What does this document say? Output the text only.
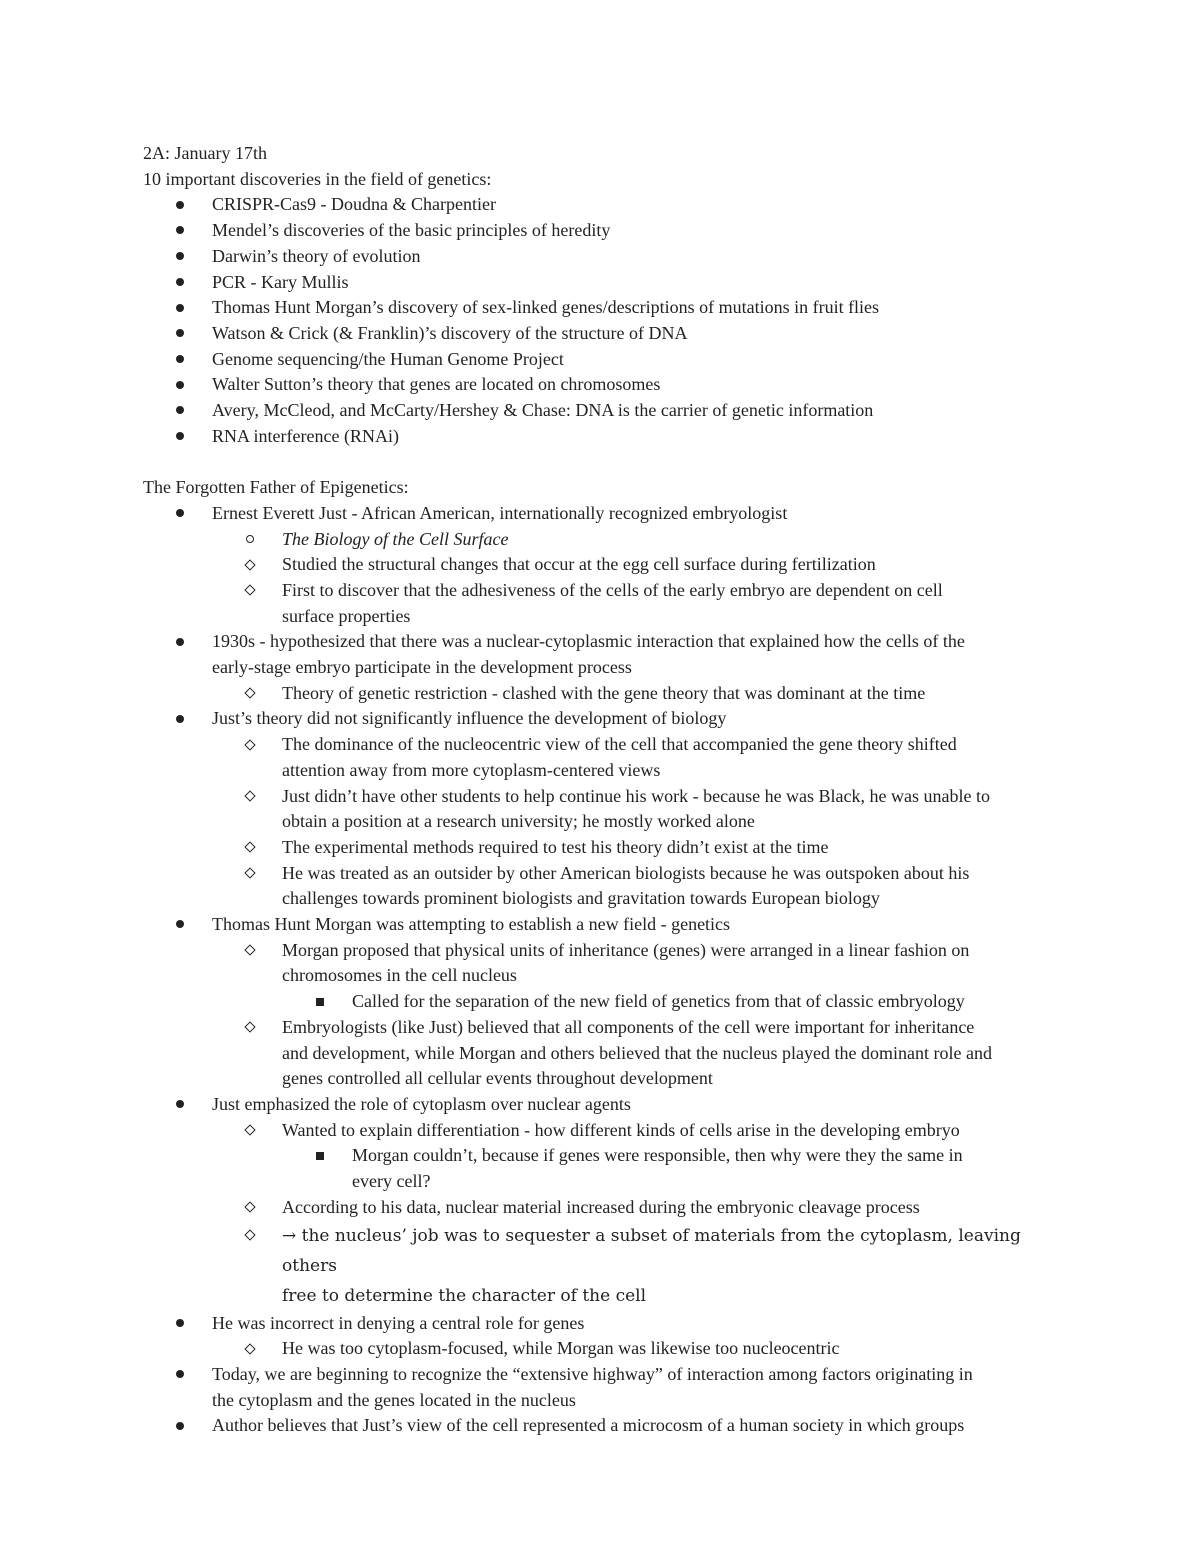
2A: January 17th
10 important discoveries in the field of genetics:
CRISPR-Cas9 - Doudna & Charpentier
Mendel’s discoveries of the basic principles of heredity
Darwin’s theory of evolution
PCR - Kary Mullis
Thomas Hunt Morgan’s discovery of sex-linked genes/descriptions of mutations in fruit flies
Watson & Crick (& Franklin)’s discovery of the structure of DNA
Genome sequencing/the Human Genome Project
Walter Sutton’s theory that genes are located on chromosomes
Avery, McCleod, and McCarty/Hershey & Chase: DNA is the carrier of genetic information
RNA interference (RNAi)
The Forgotten Father of Epigenetics:
Ernest Everett Just - African American, internationally recognized embryologist
The Biology of the Cell Surface
Studied the structural changes that occur at the egg cell surface during fertilization
First to discover that the adhesiveness of the cells of the early embryo are dependent on cell
surface properties
1930s - hypothesized that there was a nuclear-cytoplasmic interaction that explained how the cells of the
early-stage embryo participate in the development process
Theory of genetic restriction - clashed with the gene theory that was dominant at the time
Just’s theory did not significantly influence the development of biology
The dominance of the nucleocentric view of the cell that accompanied the gene theory shifted
attention away from more cytoplasm-centered views
Just didn’t have other students to help continue his work - because he was Black, he was unable to
obtain a position at a research university; he mostly worked alone
The experimental methods required to test his theory didn’t exist at the time
He was treated as an outsider by other American biologists because he was outspoken about his
challenges towards prominent biologists and gravitation towards European biology
Thomas Hunt Morgan was attempting to establish a new field - genetics
Morgan proposed that physical units of inheritance (genes) were arranged in a linear fashion on
chromosomes in the cell nucleus
Called for the separation of the new field of genetics from that of classic embryology
Embryologists (like Just) believed that all components of the cell were important for inheritance
and development, while Morgan and others believed that the nucleus played the dominant role and
genes controlled all cellular events throughout development
Just emphasized the role of cytoplasm over nuclear agents
Wanted to explain differentiation - how different kinds of cells arise in the developing embryo
Morgan couldn’t, because if genes were responsible, then why were they the same in
every cell?
According to his data, nuclear material increased during the embryonic cleavage process
→ the nucleus’ job was to sequester a subset of materials from the cytoplasm, leaving others
free to determine the character of the cell
He was incorrect in denying a central role for genes
He was too cytoplasm-focused, while Morgan was likewise too nucleocentric
Today, we are beginning to recognize the “extensive highway” of interaction among factors originating in
the cytoplasm and the genes located in the nucleus
Author believes that Just’s view of the cell represented a microcosm of a human society in which groups
